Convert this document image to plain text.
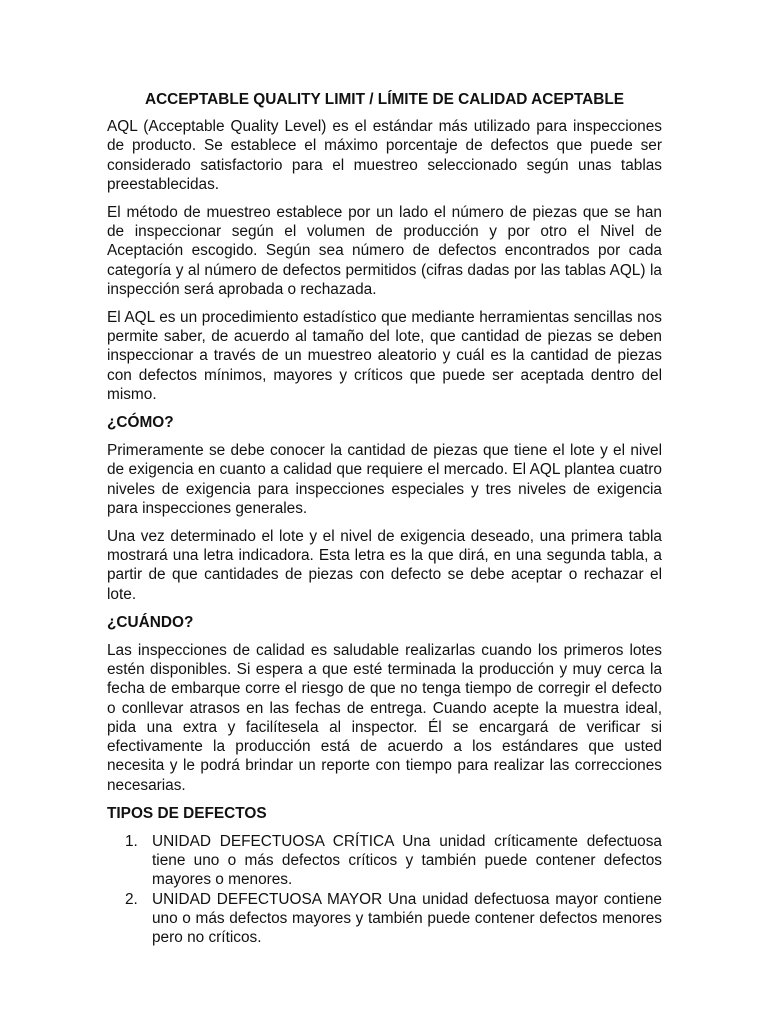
ACCEPTABLE QUALITY LIMIT / LÍMITE DE CALIDAD ACEPTABLE

AQL (Acceptable Quality Level) es el estándar más utilizado para inspecciones de producto. Se establece el máximo porcentaje de defectos que puede ser considerado satisfactorio para el muestreo seleccionado según unas tablas preestablecidas.

El método de muestreo establece por un lado el número de piezas que se han de inspeccionar según el volumen de producción y por otro el Nivel de Aceptación escogido. Según sea número de defectos encontrados por cada categoría y al número de defectos permitidos (cifras dadas por las tablas AQL) la inspección será aprobada o rechazada.

El AQL es un procedimiento estadístico que mediante herramientas sencillas nos permite saber, de acuerdo al tamaño del lote, que cantidad de piezas se deben inspeccionar a través de un muestreo aleatorio y cuál es la cantidad de piezas con defectos mínimos, mayores y críticos que puede ser aceptada dentro del mismo.

¿CÓMO?

Primeramente se debe conocer la cantidad de piezas que tiene el lote y el nivel de exigencia en cuanto a calidad que requiere el mercado. El AQL plantea cuatro niveles de exigencia para inspecciones especiales y tres niveles de exigencia para inspecciones generales.

Una vez determinado el lote y el nivel de exigencia deseado, una primera tabla mostrará una letra indicadora. Esta letra es la que dirá, en una segunda tabla, a partir de que cantidades de piezas con defecto se debe aceptar o rechazar el lote.

¿CUÁNDO?

Las inspecciones de calidad es saludable realizarlas cuando los primeros lotes estén disponibles. Si espera a que esté terminada la producción y muy cerca la fecha de embarque corre el riesgo de que no tenga tiempo de corregir el defecto o conllevar atrasos en las fechas de entrega. Cuando acepte la muestra ideal, pida una extra y facilítesela al inspector. Él se encargará de verificar si efectivamente la producción está de acuerdo a los estándares que usted necesita y le podrá brindar un reporte con tiempo para realizar las correcciones necesarias.

TIPOS DE DEFECTOS
1. UNIDAD DEFECTUOSA CRÍTICA Una unidad críticamente defectuosa tiene uno o más defectos críticos y también puede contener defectos mayores o menores.
2. UNIDAD DEFECTUOSA MAYOR Una unidad defectuosa mayor contiene uno o más defectos mayores y también puede contener defectos menores pero no críticos.
